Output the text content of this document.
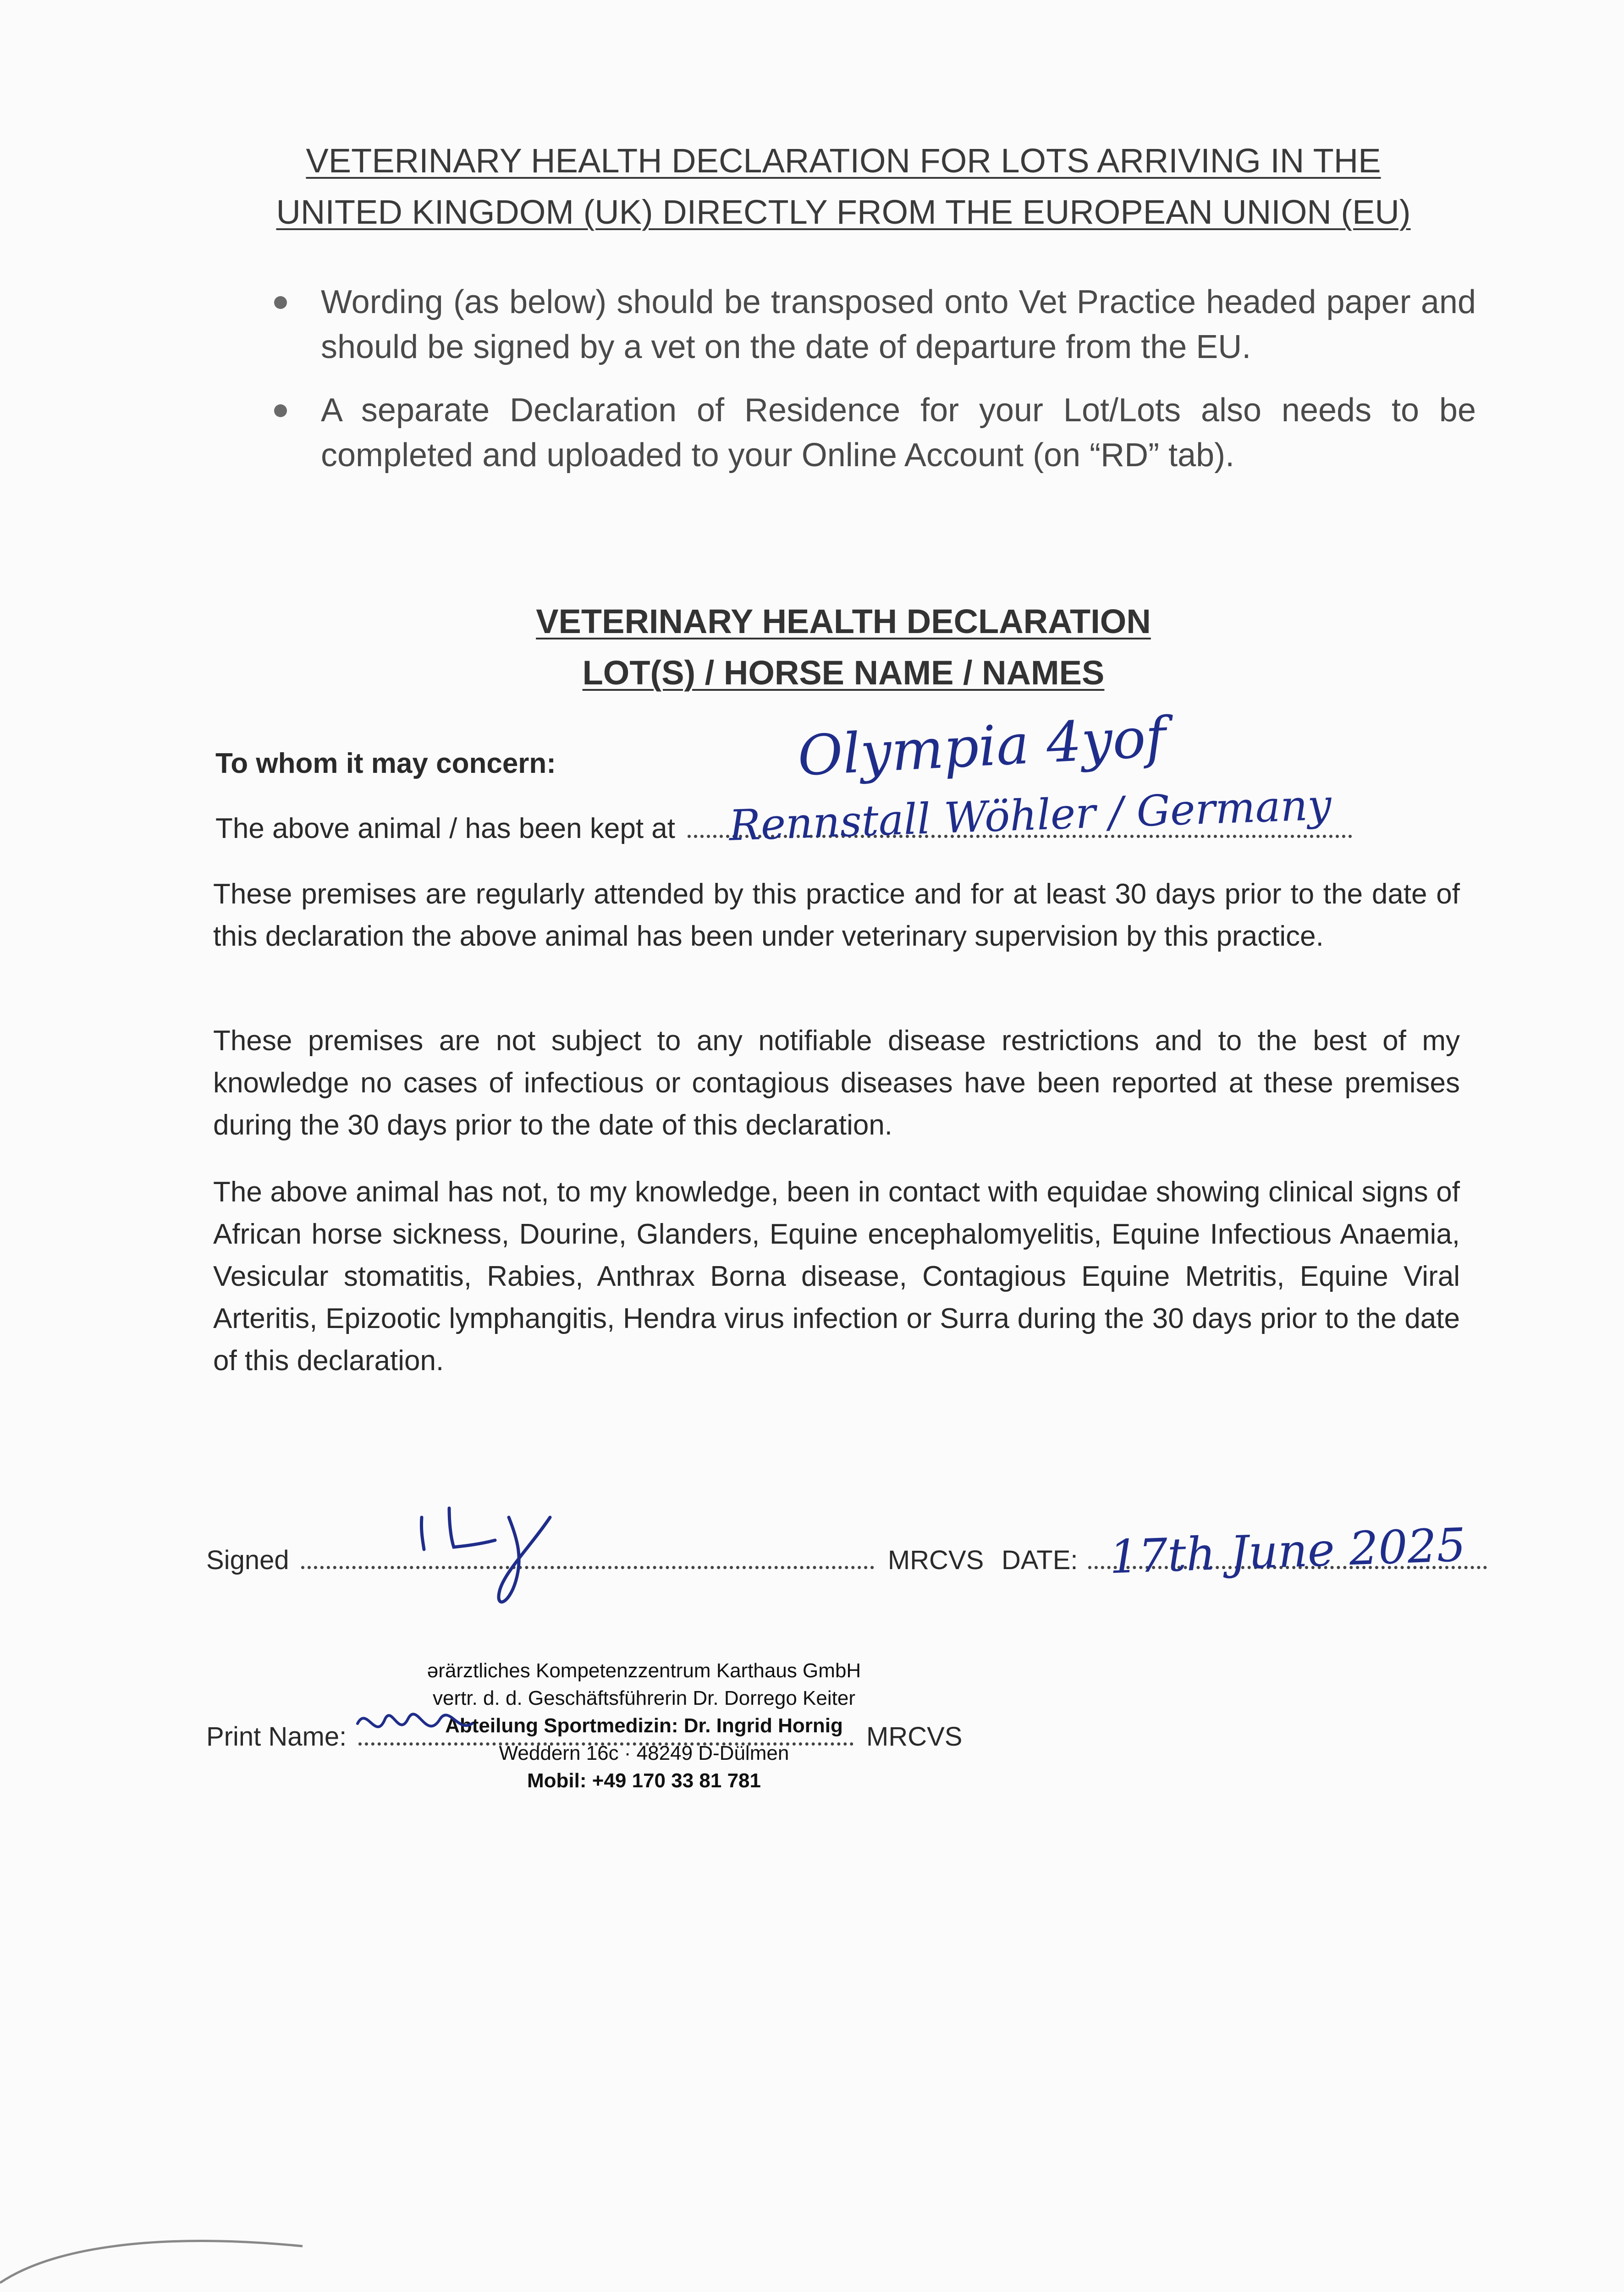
VETERINARY HEALTH DECLARATION FOR LOTS ARRIVING IN THE
UNITED KINGDOM (UK) DIRECTLY FROM THE EUROPEAN UNION (EU)
Wording (as below) should be transposed onto Vet Practice headed paper and should be signed by a vet on the date of departure from the EU.
A separate Declaration of Residence for your Lot/Lots also needs to be completed and uploaded to your Online Account (on “RD” tab).
VETERINARY HEALTH DECLARATION
LOT(S) / HORSE NAME / NAMES
To whom it may concern:	Olympia 4yof
The above animal / has been kept at	Rennstall Wöhler / Germany
These premises are regularly attended by this practice and for at least 30 days prior to the date of this declaration the above animal has been under veterinary supervision by this practice.
These premises are not subject to any notifiable disease restrictions and to the best of my knowledge no cases of infectious or contagious diseases have been reported at these premises during the 30 days prior to the date of this declaration.
The above animal has not, to my knowledge, been in contact with equidae showing clinical signs of African horse sickness, Dourine, Glanders, Equine encephalomyelitis, Equine Infectious Anaemia, Vesicular stomatitis, Rabies, Anthrax Borna disease, Contagious Equine Metritis, Equine Viral Arteritis, Epizootic lymphangitis, Hendra virus infection or Surra during the 30 days prior to the date of this declaration.
Signed	MRCVS DATE: 17th June 2025
ərärztliches Kompetenzzentrum Karthaus GmbH
vertr. d. d. Geschäftsführerin Dr. Dorrego Keiter
Abteilung Sportmedizin: Dr. Ingrid Hornig
Weddern 16c · 48249 D-Dülmen
Mobil: +49 170 33 81 781
Print Name:	MRCVS
